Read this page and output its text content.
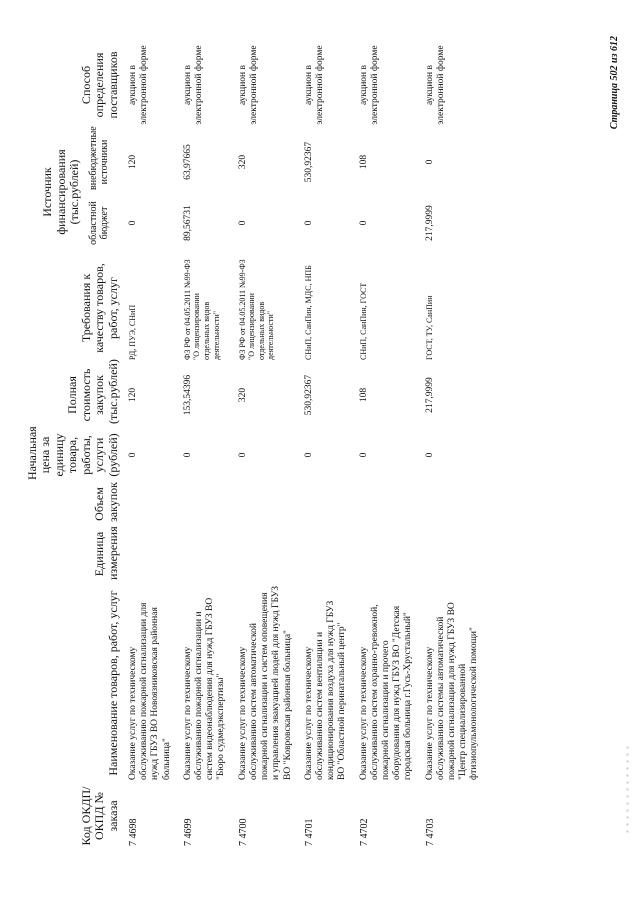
Код ОКДП/ ОКПД № заказа	Наименование товаров, работ, услуг	Единица измерения	Объем закупок	Начальная цена за единицу товара, работы, услуги (рублей)	Полная стоимость закупок (тыс.рублей)	Требования к качеству товаров, работ, услуг	Источник финансирования (тыс.рублей)		Способ определения поставщиков
							областной бюджет	внебюджетные источники	
7 4698	Оказание услуг по техническому обслуживанию пожарной сигнализации для нужд ГБУЗ ВО Новоязниковская районная больница"			0	120	РД, ПУЭ, СНиП	0	120	аукцион в электронной форме
7 4699	Оказание услуг по техническому обслуживанию пожарной сигнализации и систем видеонаблюдения для нужд ГБУЗ ВО "Бюро судмедэкспертизы"			0	153,54396	ФЗ РФ от 04.05.2011 №99-ФЗ "О лицензировании отдельных видов деятельности"	89,56731	63,97665	аукцион в электронной форме
7 4700	Оказание услуг по техническому обслуживанию систем автоматической пожарной сигнализации и систем оповещения и управления эвакуацией людей для нужд ГБУЗ ВО "Ковровская районная больница"			0	320	ФЗ РФ от 04.05.2011 №99-ФЗ "О лицензировании отдельных видов деятельности"	0	320	аукцион в электронной форме
7 4701	Оказание услуг по техническому обслуживанию систем вентиляции и кондиционирования воздуха для нужд ГБУЗ ВО "Областной перинатальный центр"			0	530,92367	СНиП, СанПин, МДС, НПБ	0	530,92367	аукцион в электронной форме
7 4702	Оказание услуг по техническому обслуживанию систем охранно-тревожной, пожарной сигнализации и прочего оборудования для нужд ГБУЗ ВО "Детская городская больница г.Гусь-Хрустальный"			0	108	СНиП, СанПин, ГОСТ	0	108	аукцион в электронной форме
7 4703	Оказание услуг по техническому обслуживанию системы автоматической пожарной сигнализации для нужд ГБУЗ ВО "Центр специализированной фтизиопульмонологической помощи"			0	217,9999	ГОСТ, ТУ, СанПин	217,9999	0	аукцион в электронной форме	Страница 502 из 612
